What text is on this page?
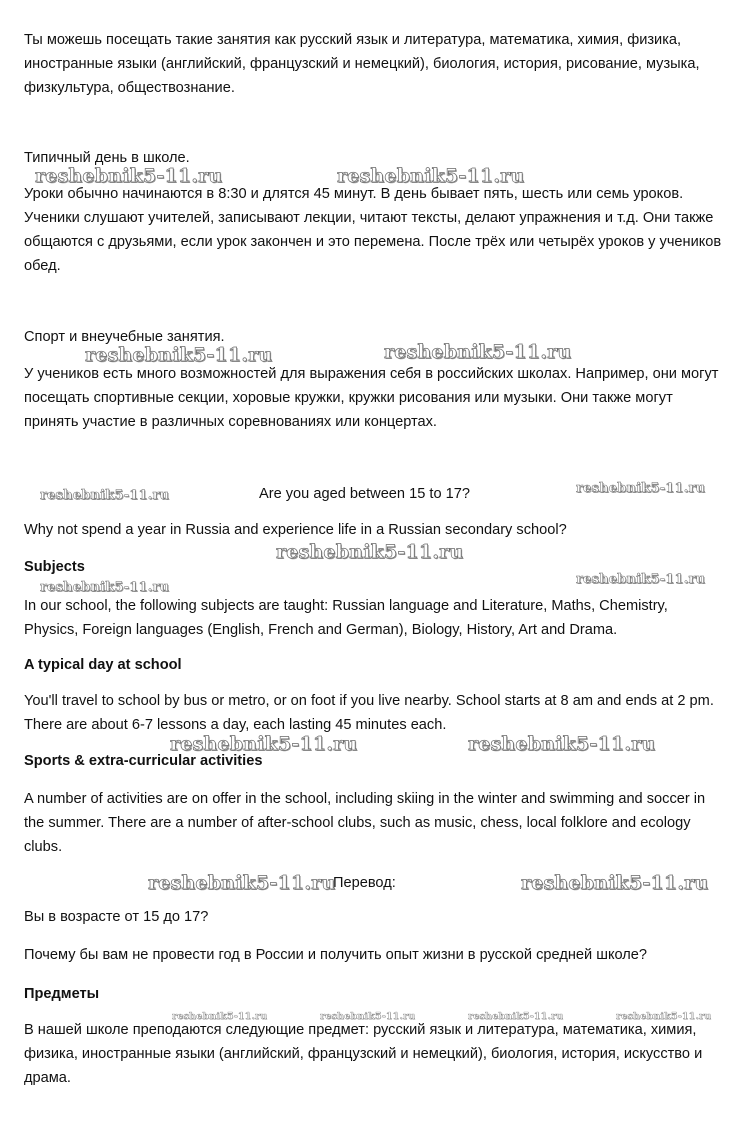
Ты можешь посещать такие занятия как русский язык и литература, математика, химия, физика, иностранные языки (английский, французский и немецкий), биология, история, рисование, музыка, физкультура, обществознание.

Типичный день в школе.

Уроки обычно начинаются в 8:30 и длятся 45 минут. В день бывает пять, шесть или семь уроков. Ученики слушают учителей, записывают лекции, читают тексты, делают упражнения и т.д. Они также общаются с друзьями, если урок закончен и это перемена. После трёх или четырёх уроков у учеников обед.

Спорт и внеучебные занятия.

У учеников есть много возможностей для выражения себя в российских школах. Например, они могут посещать спортивные секции, хоровые кружки, кружки рисования или музыки. Они также могут принять участие в различных соревнованиях или концертах.

Are you aged between 15 to 17?

Why not spend a year in Russia and experience life in a Russian secondary school?

Subjects

In our school, the following subjects are taught: Russian language and Literature, Maths, Chemistry, Physics, Foreign languages (English, French and German), Biology, History, Art and Drama.

A typical day at school

You'll travel to school by bus or metro, or on foot if you live nearby. School starts at 8 am and ends at 2 pm. There are about 6-7 lessons a day, each lasting 45 minutes each.

Sports & extra-curricular activities

A number of activities are on offer in the school, including skiing in the winter and swimming and soccer in the summer. There are a number of after-school clubs, such as music, chess, local folklore and ecology clubs.

Перевод:

Вы в возрасте от 15 до 17?

Почему бы вам не провести год в России и получить опыт жизни в русской средней школе?

Предметы

В нашей школе преподаются следующие предмет: русский язык и литература, математика, химия, физика, иностранные языки (английский, французский и немецкий), биология, история, искусство и драма.

reshebnik5-11.ru	reshebnik5-11.ru
reshebnik5-11.ru	reshebnik5-11.ru
reshebnik5-11.ru	reshebnik5-11.ru
reshebnik5-11.ru
reshebnik5-11.ru
reshebnik5-11.ru
reshebnik5-11.ru	reshebnik5-11.ru
reshebnik5-11.ru	reshebnik5-11.ru
reshebnik5-11.ru	reshebnik5-11.ru	reshebnik5-11.ru	reshebnik5-11.ru
